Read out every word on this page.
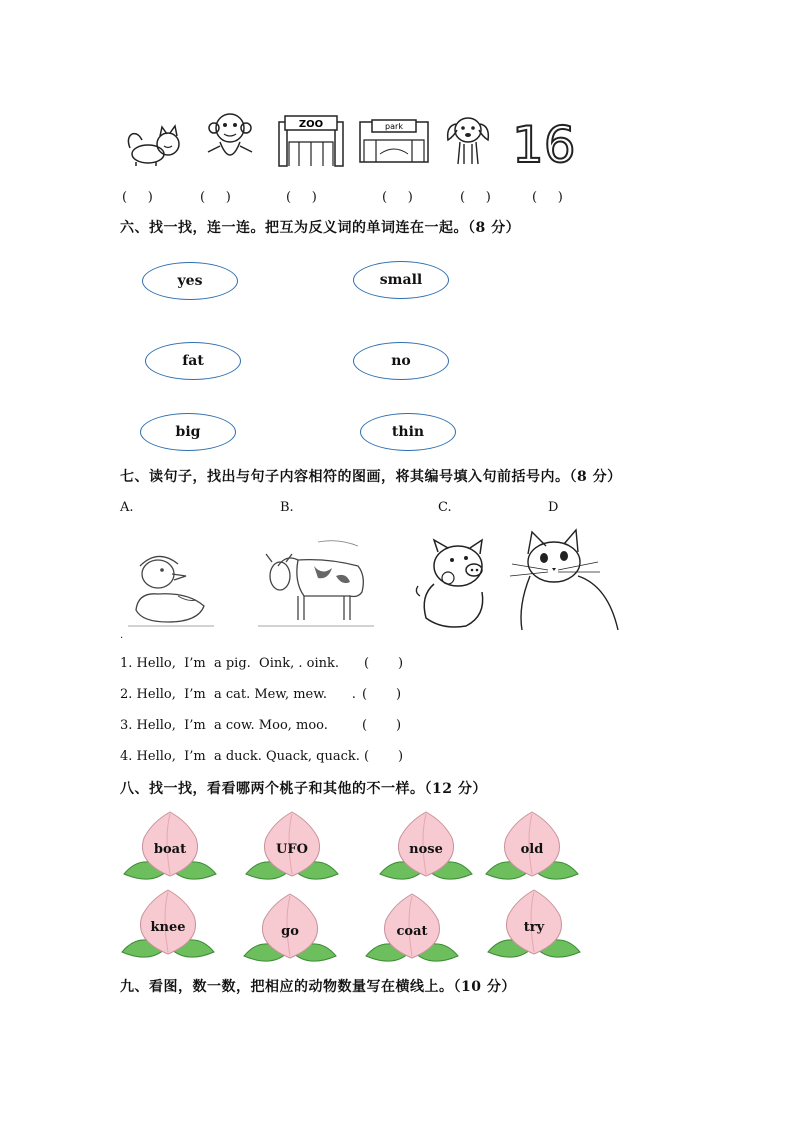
ZOO	park 16
(     )	(     )	(     )	(     )	(     )	(     )
六、找一找，连一连。把互为反义词的单词连在一起。（8 分）
yes	small
fat	no
big	thin
七、读句子，找出与句子内容相符的图画，将其编号填入句前括号内。（8 分）
A.	B.	C.	D
.
1. Hello,  I’m  a pig.  Oink, . oink. (       )
2. Hello,  I’m  a cat. Mew, mew.      . (       )
3. Hello,  I’m  a cow. Moo, moo.	(       )
4. Hello,  I’m  a duck. Quack, quack. (       )
八、找一找，看看哪两个桃子和其他的不一样。（12 分）
boat	UFO	nose	old
knee	go	coat	try
九、看图，数一数，把相应的动物数量写在横线上。（10 分）
